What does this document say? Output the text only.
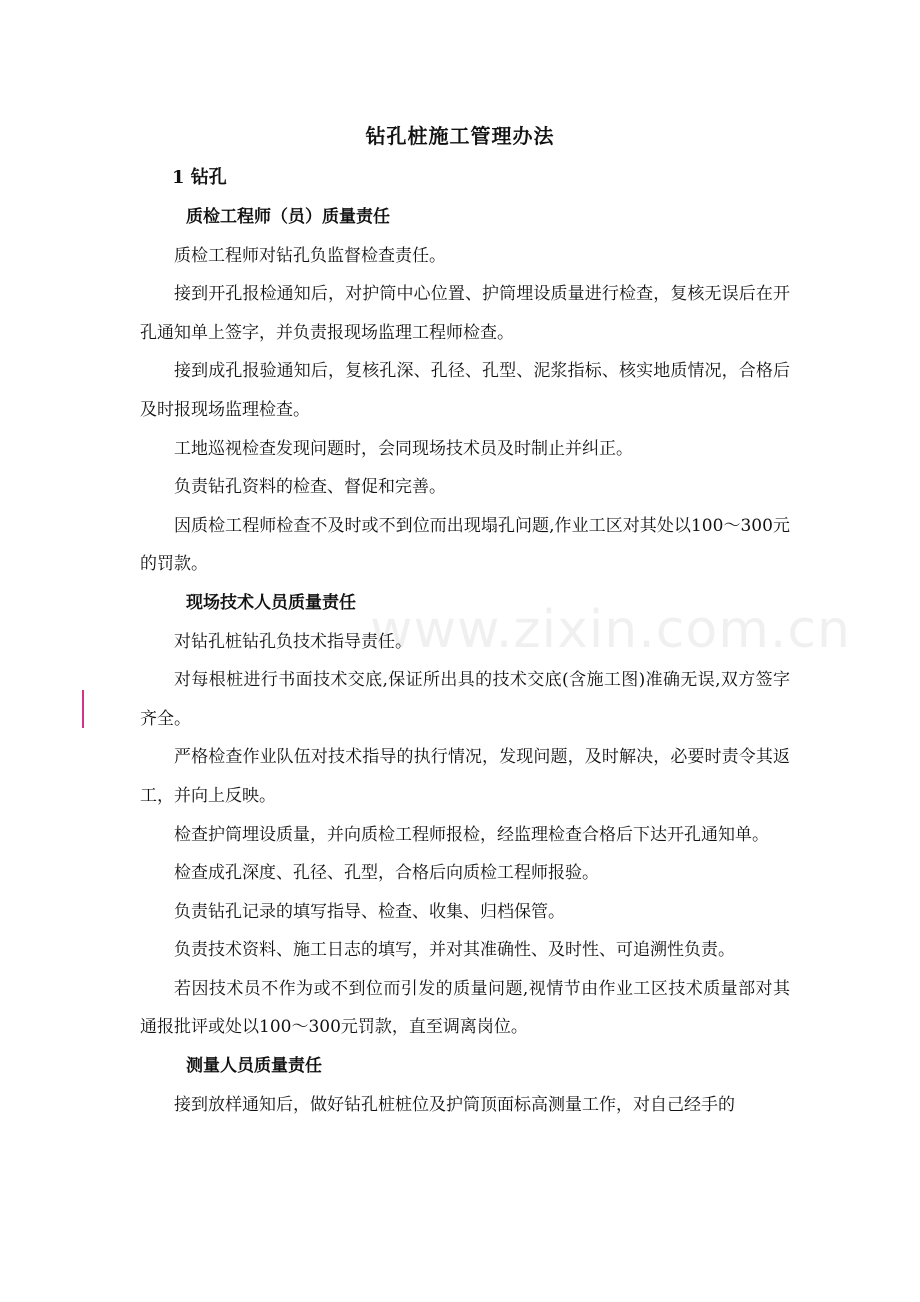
www.zixin.com.cn
钻孔桩施工管理办法
1 钻孔

质检工程师（员）质量责任

质检工程师对钻孔负监督检查责任。

接到开孔报检通知后，对护筒中心位置、护筒埋设质量进行检查，复核无误后在开孔通知单上签字，并负责报现场监理工程师检查。

接到成孔报验通知后，复核孔深、孔径、孔型、泥浆指标、核实地质情况，合格后及时报现场监理检查。

工地巡视检查发现问题时，会同现场技术员及时制止并纠正。

负责钻孔资料的检查、督促和完善。

因质检工程师检查不及时或不到位而出现塌孔问题,作业工区对其处以100～300元的罚款。

现场技术人员质量责任

对钻孔桩钻孔负技术指导责任。

对每根桩进行书面技术交底,保证所出具的技术交底(含施工图)准确无误,双方签字齐全。

严格检查作业队伍对技术指导的执行情况，发现问题，及时解决，必要时责令其返工，并向上反映。

检查护筒埋设质量，并向质检工程师报检，经监理检查合格后下达开孔通知单。

检查成孔深度、孔径、孔型，合格后向质检工程师报验。

负责钻孔记录的填写指导、检查、收集、归档保管。

负责技术资料、施工日志的填写，并对其准确性、及时性、可追溯性负责。

若因技术员不作为或不到位而引发的质量问题,视情节由作业工区技术质量部对其通报批评或处以100～300元罚款，直至调离岗位。

测量人员质量责任

接到放样通知后，做好钻孔桩桩位及护筒顶面标高测量工作，对自己经手的
